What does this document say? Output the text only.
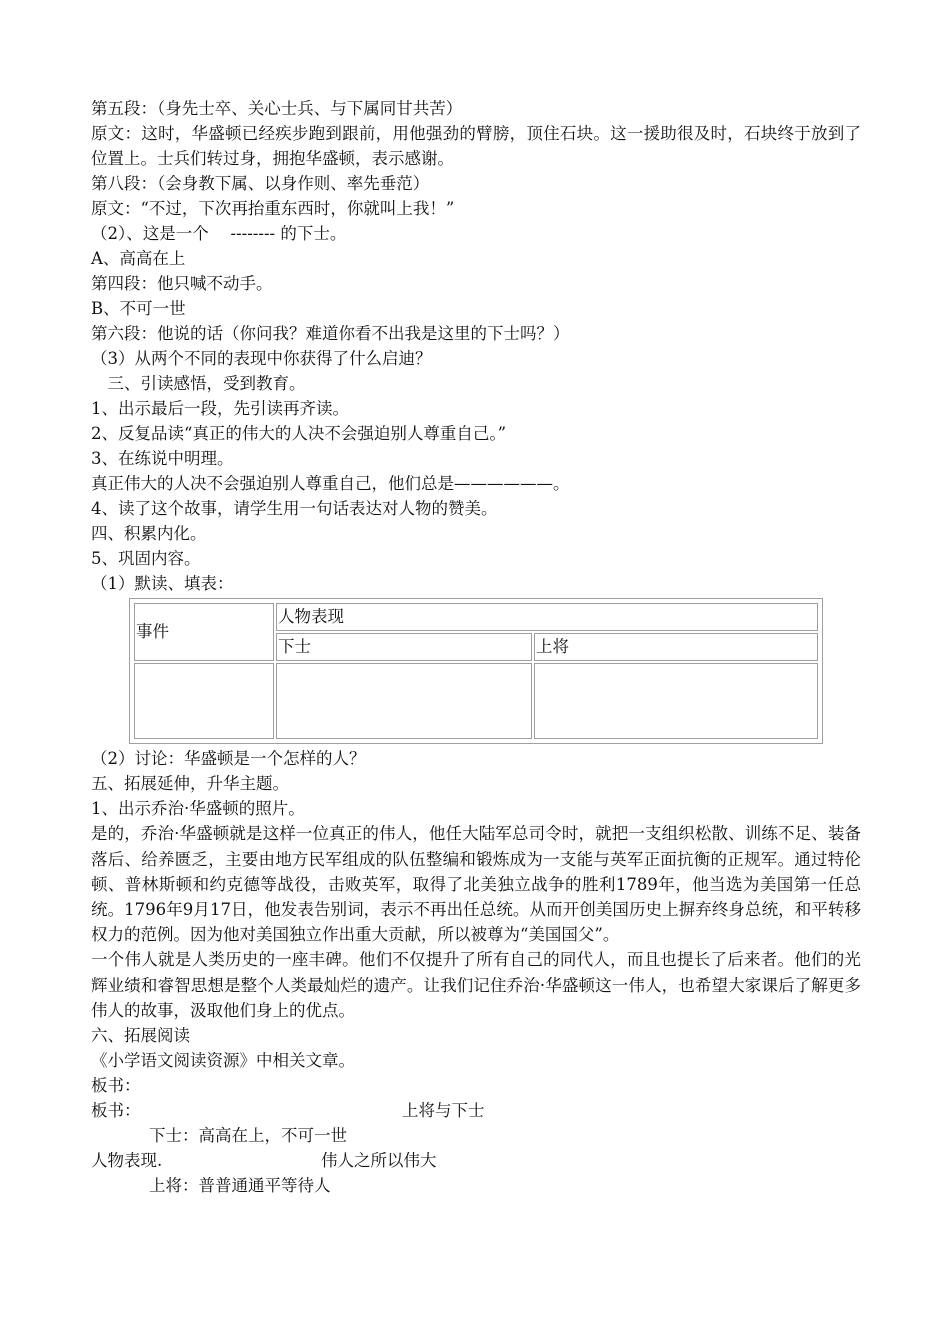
第五段：（身先士卒、关心士兵、与下属同甘共苦）

原文：这时，华盛顿已经疾步跑到跟前，用他强劲的臂膀，顶住石块。这一援助很及时，石块终于放到了位置上。士兵们转过身，拥抱华盛顿，表示感谢。

第八段：（会身教下属、以身作则、率先垂范）
原文：“不过，下次再抬重东西时，你就叫上我！”
（2）、这是一个　 -------- 的下士。
A、高高在上
第四段：他只喊不动手。
B、不可一世
第六段：他说的话（你问我？难道你看不出我是这里的下士吗？）
（3）从两个不同的表现中你获得了什么启迪？
　三、引读感悟，受到教育。
1、出示最后一段，先引读再齐读。
2、反复品读“真正的伟大的人决不会强迫别人尊重自己。”
3、在练说中明理。
真正伟大的人决不会强迫别人尊重自己，他们总是——————。
4、读了这个故事，请学生用一句话表达对人物的赞美。
四、积累内化。
5、巩固内容。
（1）默读、填表：
事件	人物表现	
	下士	上将

（2）讨论：华盛顿是一个怎样的人？
五、拓展延伸，升华主题。
1、出示乔治·华盛顿的照片。

是的，乔治·华盛顿就是这样一位真正的伟人，他任大陆军总司令时，就把一支组织松散、训练不足、装备落后、给养匮乏，主要由地方民军组成的队伍整编和锻炼成为一支能与英军正面抗衡的正规军。通过特伦顿、普林斯顿和约克德等战役，击败英军，取得了北美独立战争的胜利1789年，他当选为美国第一任总统。1796年9月17日，他发表告别词，表示不再出任总统。从而开创美国历史上摒弃终身总统，和平转移权力的范例。因为他对美国独立作出重大贡献，所以被尊为“美国国父”。

一个伟人就是人类历史的一座丰碑。他们不仅提升了所有自己的同代人，而且也提长了后来者。他们的光辉业绩和睿智思想是整个人类最灿烂的遗产。让我们记住乔治·华盛顿这一伟人，也希望大家课后了解更多伟人的故事，汲取他们身上的优点。

六、拓展阅读
《小学语文阅读资源》中相关文章。
板书：
板书：	上将与下士
下士：高高在上，不可一世
人物表现.	伟人之所以伟大
上将：普普通通平等待人
